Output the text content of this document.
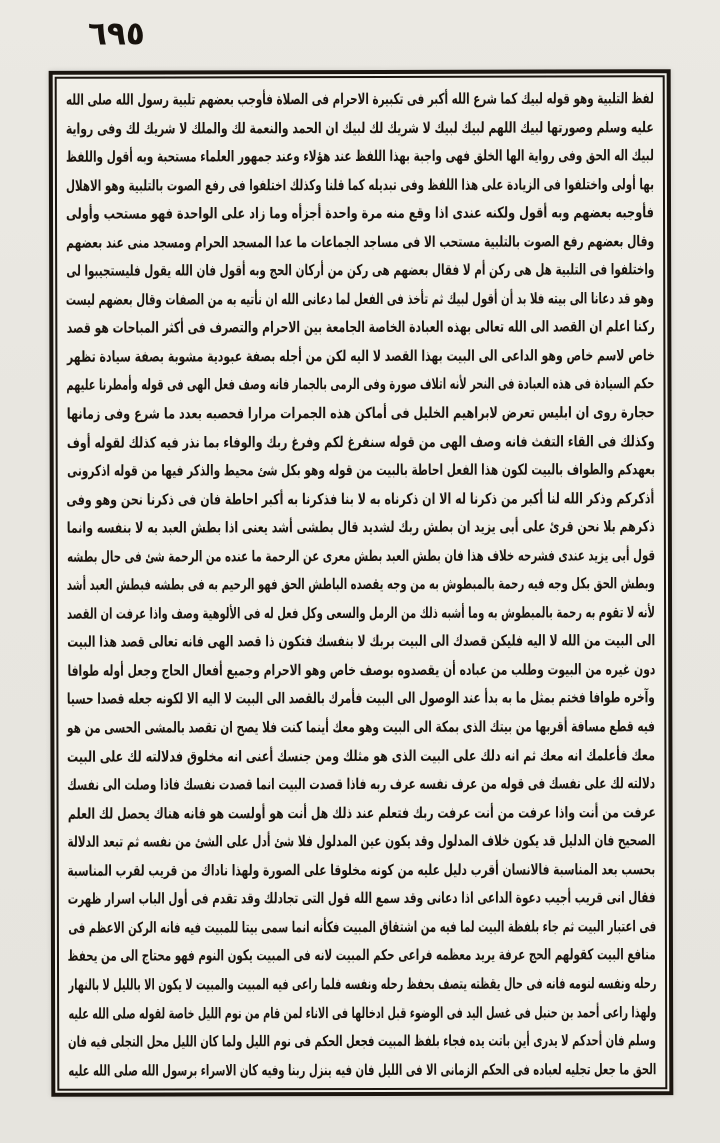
٦٩٥
لفظ التلبية وهو قوله لبيك كما شرع الله أكبر فى تكبيرة الاحرام فى الصلاة فأوجب بعضهم تلبية رسول الله صلى الله
عليه وسلم وصورتها لبيك اللهم لبيك لبيك لا شريك لك لبيك ان الحمد والنعمة لك والملك لا شريك لك وفى رواية
لبيك اله الحق وفى رواية الها الخلق فهى واجبة بهذا اللفظ عند هؤلاء وعند جمهور العلماء مستحبة وبه أقول واللفظ
بها أولى واختلفوا فى الزيادة على هذا اللفظ وفى تبديله كما قلنا وكذلك اختلفوا فى رفع الصوت بالتلبية وهو الاهلال
فأوجبه بعضهم وبه أقول ولكنه عندى اذا وقع منه مرة واحدة أجزأه وما زاد على الواحدة فهو مستحب وأولى
وقال بعضهم رفع الصوت بالتلبية مستحب الا فى مساجد الجماعات ما عدا المسجد الحرام ومسجد منى عند بعضهم
واختلفوا فى التلبية هل هى ركن أم لا فقال بعضهم هى ركن من أركان الحج وبه أقول فان الله يقول فليستجيبوا لى
وهو قد دعانا الى بيته فلا بد أن أقول لبيك ثم تأخذ فى الفعل لما دعانى الله ان نأتيه به من الصفات وقال بعضهم ليست
ركنا اعلم ان القصد الى الله تعالى بهذه العبادة الخاصة الجامعة بين الاحرام والتصرف فى أكثر المباحات هو قصد
خاص لاسم خاص وهو الداعى الى البيت بهذا القصد لا اليه لكن من أجله بصفة عبودية مشوبة بصفة سيادة تظهر
حكم السيادة فى هذه العبادة فى النحر لأنه اتلاف صورة وفى الرمى بالجمار فانه وصف فعل الهى فى قوله وأمطرنا عليهم
حجارة روى ان ابليس تعرض لابراهيم الخليل فى أماكن هذه الجمرات مرارا فحصبه بعدد ما شرع وفى زمانها
وكذلك فى القاء التفث فانه وصف الهى من قوله سنفرغ لكم وفرغ ربك والوفاء بما نذر فيه كذلك لقوله أوف
بعهدكم والطواف بالبيت لكون هذا الفعل احاطة بالبيت من قوله وهو بكل شئ محيط والذكر فيها من قوله اذكرونى
أذكركم وذكر الله لنا أكبر من ذكرنا له الا ان ذكرناه به لا بنا فذكرنا به أكبر احاطة فان فى ذكرنا نحن وهو وفى
ذكرهم بلا نحن قرئ على أبى يزيد ان بطش ربك لشديد قال بطشى أشد يعنى اذا بطش العبد به لا بنفسه وانما
قول أبى يزيد عندى فشرحه خلاف هذا فان بطش العبد بطش معرى عن الرحمة ما عنده من الرحمة شئ فى حال بطشه
وبطش الحق بكل وجه فيه رحمة بالمبطوش به من وجه يقصده الباطش الحق فهو الرحيم به فى بطشه فبطش العبد أشد
لأنه لا تقوم به رحمة بالمبطوش به وما أشبه ذلك من الرمل والسعى وكل فعل له فى الألوهية وصف واذا عرفت ان القصد
الى البيت من الله لا اليه فليكن قصدك الى البيت بربك لا بنفسك فتكون ذا قصد الهى فانه تعالى قصد هذا البيت
دون غيره من البيوت وطلب من عباده أن يقصدوه بوصف خاص وهو الاحرام وجميع أفعال الحاج وجعل أوله طوافا
وآخره طوافا فختم بمثل ما به بدأ عند الوصول الى البيت فأمرك بالقصد الى البيت لا اليه الا لكونه جعله قصدا حسيا
فيه قطع مسافة أقربها من بيتك الذى بمكة الى البيت وهو معك أينما كنت فلا يصح ان تقصد بالمشى الحسى من هو
معك فأعلمك انه معك ثم انه دلك على البيت الذى هو مثلك ومن جنسك أعنى انه مخلوق فدلالته لك على البيت
دلالته لك على نفسك فى قوله من عرف نفسه عرف ربه فاذا قصدت البيت انما قصدت نفسك فاذا وصلت الى نفسك
عرفت من أنت واذا عرفت من أنت عرفت ربك فتعلم عند ذلك هل أنت هو أولست هو فانه هناك يحصل لك العلم
الصحيح فان الدليل قد يكون خلاف المدلول وقد يكون عين المدلول فلا شئ أدل على الشئ من نفسه ثم تبعد الدلالة
بحسب بعد المناسبة فالانسان أقرب دليل عليه من كونه مخلوقا على الصورة ولهذا ناداك من قريب لقرب المناسبة
فقال انى قريب أجيب دعوة الداعى اذا دعانى وقد سمع الله قول التى تجادلك وقد تقدم فى أول الباب اسرار ظهرت
فى اعتبار البيت ثم جاء بلفظة البيت لما فيه من اشتقاق المبيت فكأنه انما سمى بيتا للمبيت فيه فانه الركن الاعظم فى
منافع البيت كقولهم الحج عرفة يريد معظمه فراعى حكم المبيت لانه فى المبيت يكون النوم فهو محتاج الى من يحفظ
رحله ونفسه لنومه فانه فى حال يقظته يتصف بحفظ رحله ونفسه فلما راعى فيه المبيت والمبيت لا يكون الا بالليل لا بالنهار
ولهذا راعى أحمد بن حنبل فى غسل اليد فى الوضوء قبل ادخالها فى الاناء لمن قام من نوم الليل خاصة لقوله صلى الله عليه
وسلم فان أحدكم لا يدرى أين باتت يده فجاء بلفظ المبيت فجعل الحكم فى نوم الليل ولما كان الليل محل التجلى فيه فان
الحق ما جعل تجليه لعباده فى الحكم الزمانى الا فى الليل فان فيه ينزل ربنا وفيه كان الاسراء برسول الله صلى الله عليه
